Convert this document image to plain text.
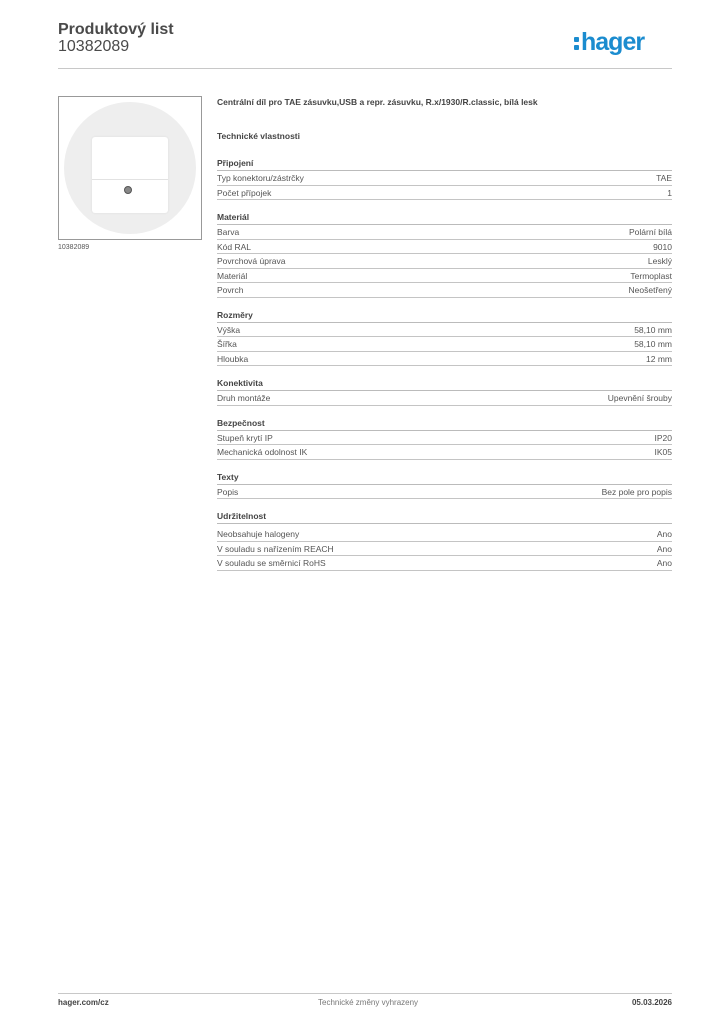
Produktový list
10382089	hager
10382089
Centrální díl pro TAE zásuvku,USB a repr. zásuvku, R.x/1930/R.classic, bílá lesk
Technické vlastnosti
Připojení
Typ konektoru/zástrčky	TAE
Počet přípojek	1
Materiál
Barva	Polární bílá
Kód RAL	9010
Povrchová úprava	Lesklý
Materiál	Termoplast
Povrch	Neošetřený
Rozměry
Výška	58,10 mm
Šířka	58,10 mm
Hloubka	12 mm
Konektivita
Druh montáže	Upevnění šrouby
Bezpečnost
Stupeň krytí IP	IP20
Mechanická odolnost IK	IK05
Texty
Popis	Bez pole pro popis
Udržitelnost
Neobsahuje halogeny	Ano
V souladu s nařízením REACH	Ano
V souladu se směrnicí RoHS	Ano
hager.com/cz	Technické změny vyhrazeny	05.03.2026
